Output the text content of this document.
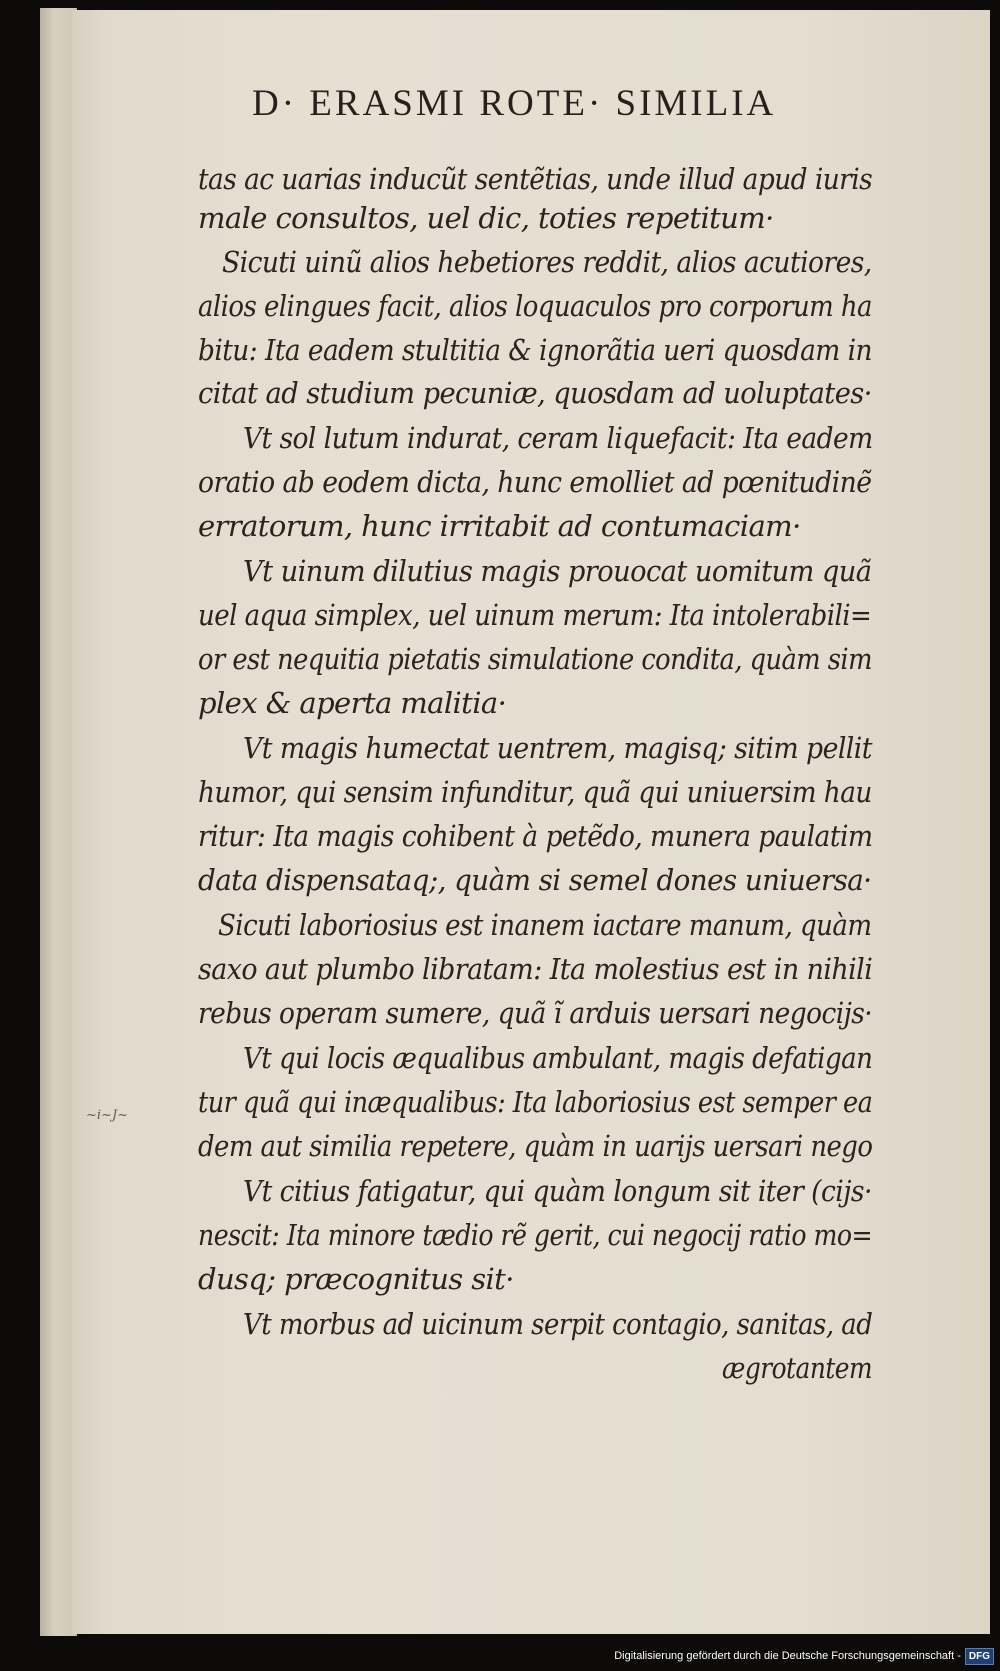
D· ERASMI ROTE· SIMILIA
tas ac uarias inducũt sentẽtias, unde illud apud iuris
male consultos, uel dic, toties repetitum·
Sicuti uinũ alios hebetiores reddit, alios acutiores,
alios elingues facit, alios loquaculos pro corporum ha
bitu: Ita eadem stultitia & ignorãtia ueri quosdam in
citat ad studium pecuniæ, quosdam ad uoluptates·
Vt sol lutum indurat, ceram liquefacit: Ita eadem
oratio ab eodem dicta, hunc emolliet ad pœnitudinẽ
erratorum, hunc irritabit ad contumaciam·
Vt uinum dilutius magis prouocat uomitum quã
uel aqua simplex, uel uinum merum: Ita intolerabili=
or est nequitia pietatis simulatione condita, quàm sim
plex & aperta malitia·
Vt magis humectat uentrem, magisq; sitim pellit
humor, qui sensim infunditur, quã qui uniuersim hau
ritur: Ita magis cohibent à petẽdo, munera paulatim
data dispensataq;, quàm si semel dones uniuersa·
Sicuti laboriosius est inanem iactare manum, quàm
saxo aut plumbo libratam: Ita molestius est in nihili
rebus operam sumere, quã ĩ arduis uersari negocijs·
Vt qui locis æqualibus ambulant, magis defatigan
tur quã qui inæqualibus: Ita laboriosius est semper ea
dem aut similia repetere, quàm in uarijs uersari nego
Vt citius fatigatur, qui quàm longum sit iter (cijs·
nescit: Ita minore tædio rẽ gerit, cui negocij ratio mo=
dusq; præcognitus sit·
Vt morbus ad uicinum serpit contagio, sanitas, ad
ægrotantem
~i~J~
Digitalisierung gefördert durch die Deutsche Forschungsgemeinschaft - DFG
